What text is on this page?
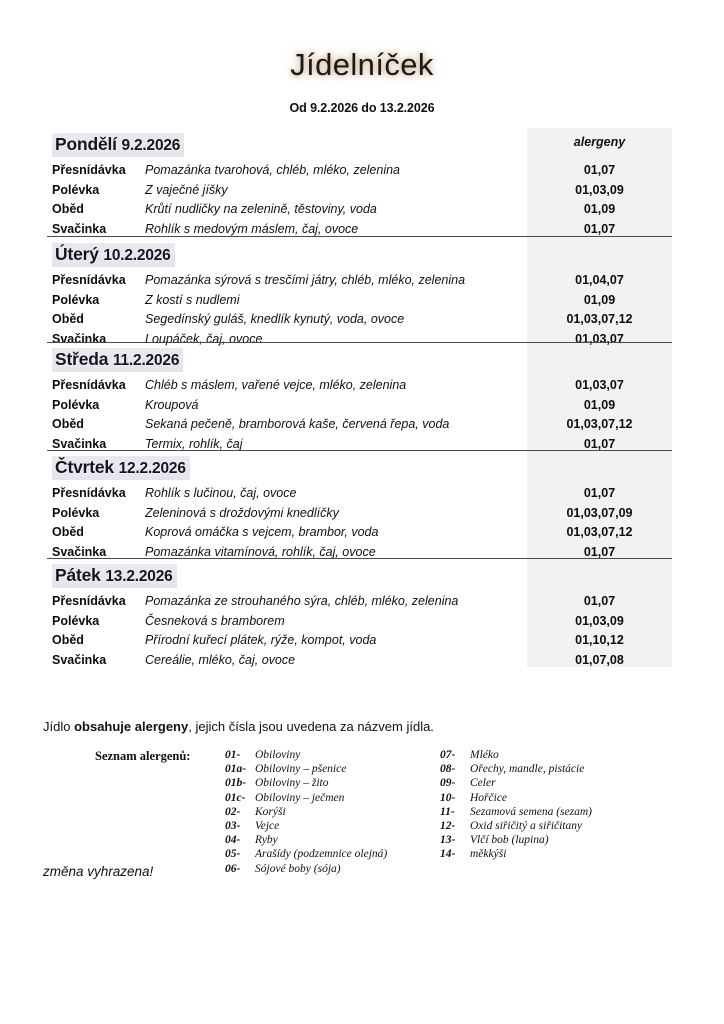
Jídelníček
Od 9.2.2026 do 13.2.2026
alergeny
Pondělí 9.2.2026
Přesnídávka Pomazánka tvarohová, chléb, mléko, zelenina	01,07
Polévka	Z vaječné jíšky	01,03,09
Oběd	Krůtí nudličky na zelenině, těstoviny, voda	01,09
Svačinka	Rohlík s medovým máslem, čaj, ovoce	01,07
Úterý 10.2.2026
Přesnídávka Pomazánka sýrová s tresčími játry, chléb, mléko, zelenina	01,04,07
Polévka	Z kostí s nudlemi	01,09
Oběd	Segedínský guláš, knedlík kynutý, voda, ovoce	01,03,07,12
Svačinka	Loupáček, čaj, ovoce	01,03,07
Středa 11.2.2026
Přesnídávka Chléb s máslem, vařené vejce, mléko, zelenina	01,03,07
Polévka	Kroupová	01,09
Oběd	Sekaná pečeně, bramborová kaše, červená řepa, voda	01,03,07,12
Svačinka	Termix, rohlík, čaj	01,07
Čtvrtek 12.2.2026
Přesnídávka Rohlík s lučinou, čaj, ovoce	01,07
Polévka	Zeleninová s droždovými knedlíčky	01,03,07,09
Oběd	Koprová omáčka s vejcem, brambor, voda	01,03,07,12
Svačinka	Pomazánka vitamínová, rohlík, čaj, ovoce	01,07
Pátek 13.2.2026
Přesnídávka Pomazánka ze strouhaného sýra, chléb, mléko, zelenina	01,07
Polévka	Česneková s bramborem	01,03,09
Oběd	Přírodní kuřecí plátek, rýže, kompot, voda	01,10,12
Svačinka	Cereálie, mléko, čaj, ovoce	01,07,08
Jídlo obsahuje alergeny, jejich čísla jsou uvedena za názvem jídla.
Seznam alergenů:	01-	Obiloviny
01a- Obiloviny – pšenice
01b- Obiloviny – žito
01c- Obiloviny – ječmen
02-	Korýši
03-	Vejce
04-	Ryby
05-	Arašídy (podzemnice olejná)
06-	Sójové boby (sója)
07-	Mléko
08-	Ořechy, mandle, pistácie
09-	Celer
10-	Hořčice
11-	Sezamová semena (sezam)
12-	Oxid siřičitý a siřičitany
13-	Vlčí bob (lupina)
14-	měkkýši
změna vyhrazena!
